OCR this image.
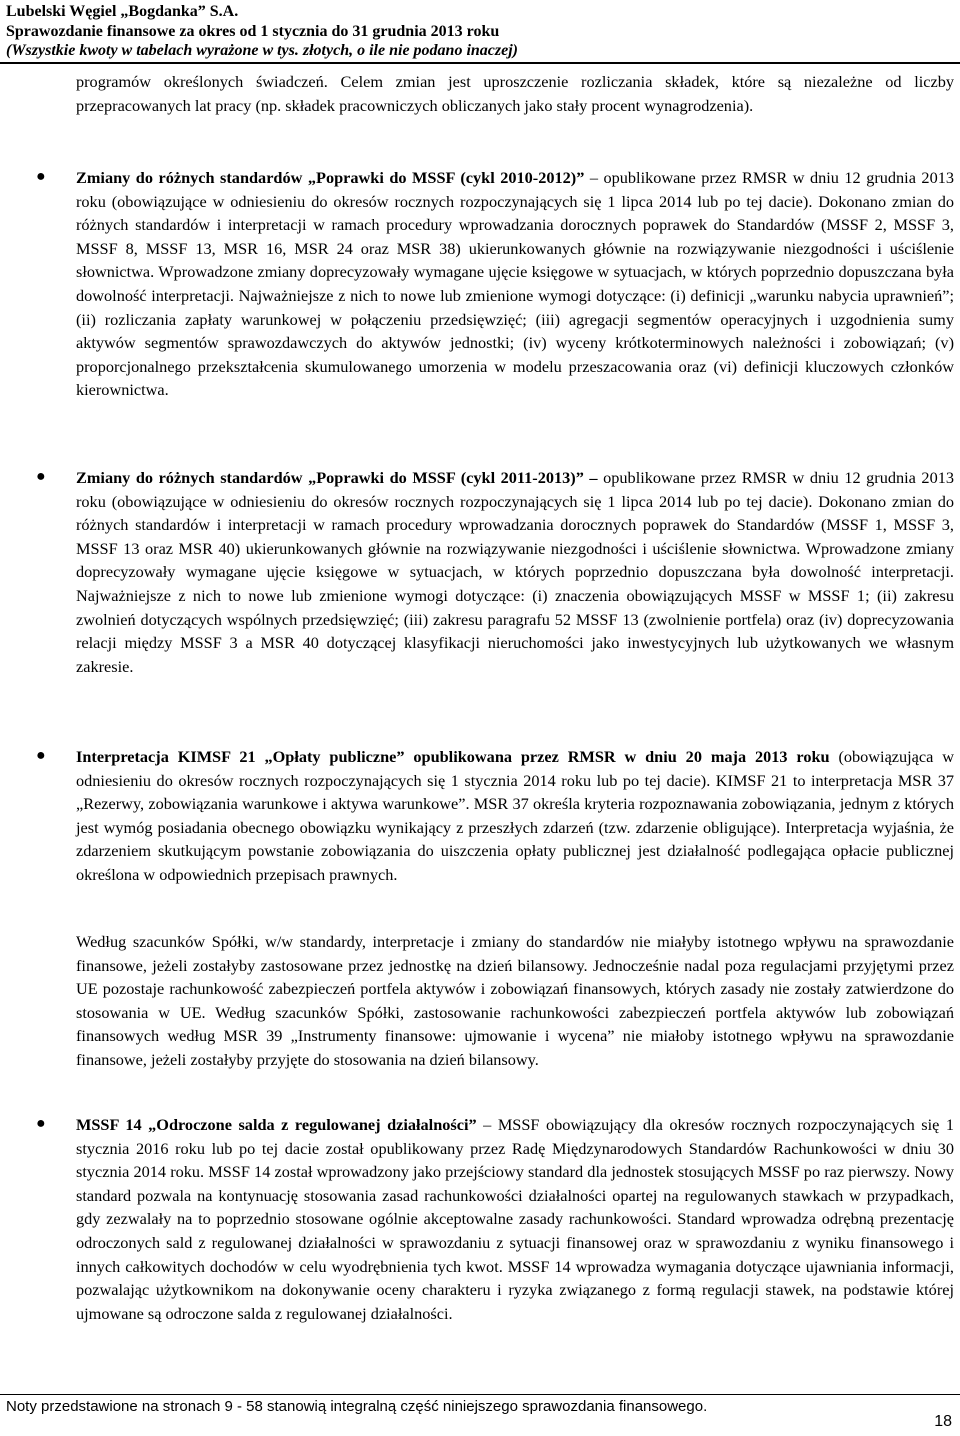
Lubelski Węgiel „Bogdanka” S.A.
Sprawozdanie finansowe za okres od 1 stycznia do 31 grudnia 2013 roku
(Wszystkie kwoty w tabelach wyrażone w tys. złotych, o ile nie podano inaczej)
programów określonych świadczeń. Celem zmian jest uproszczenie rozliczania składek, które są niezależne od liczby przepracowanych lat pracy (np. składek pracowniczych obliczanych jako stały procent wynagrodzenia).
● Zmiany do różnych standardów „Poprawki do MSSF (cykl 2010-2012)” – opublikowane przez RMSR w dniu 12 grudnia 2013 roku (obowiązujące w odniesieniu do okresów rocznych rozpoczynających się 1 lipca 2014 lub po tej dacie). Dokonano zmian do różnych standardów i interpretacji w ramach procedury wprowadzania dorocznych poprawek do Standardów (MSSF 2, MSSF 3, MSSF 8, MSSF 13, MSR 16, MSR 24 oraz MSR 38) ukierunkowanych głównie na rozwiązywanie niezgodności i uściślenie słownictwa. Wprowadzone zmiany doprecyzowały wymagane ujęcie księgowe w sytuacjach, w których poprzednio dopuszczana była dowolność interpretacji. Najważniejsze z nich to nowe lub zmienione wymogi dotyczące: (i) definicji „warunku nabycia uprawnień”; (ii) rozliczania zapłaty warunkowej w połączeniu przedsięwzięć; (iii) agregacji segmentów operacyjnych i uzgodnienia sumy aktywów segmentów sprawozdawczych do aktywów jednostki; (iv) wyceny krótkoterminowych należności i zobowiązań; (v) proporcjonalnego przekształcenia skumulowanego umorzenia w modelu przeszacowania oraz (vi) definicji kluczowych członków kierownictwa.
● Zmiany do różnych standardów „Poprawki do MSSF (cykl 2011-2013)” – opublikowane przez RMSR w dniu 12 grudnia 2013 roku (obowiązujące w odniesieniu do okresów rocznych rozpoczynających się 1 lipca 2014 lub po tej dacie). Dokonano zmian do różnych standardów i interpretacji w ramach procedury wprowadzania dorocznych poprawek do Standardów (MSSF 1, MSSF 3, MSSF 13 oraz MSR 40) ukierunkowanych głównie na rozwiązywanie niezgodności i uściślenie słownictwa. Wprowadzone zmiany doprecyzowały wymagane ujęcie księgowe w sytuacjach, w których poprzednio dopuszczana była dowolność interpretacji. Najważniejsze z nich to nowe lub zmienione wymogi dotyczące: (i) znaczenia obowiązujących MSSF w MSSF 1; (ii) zakresu zwolnień dotyczących wspólnych przedsięwzięć; (iii) zakresu paragrafu 52 MSSF 13 (zwolnienie portfela) oraz (iv) doprecyzowania relacji między MSSF 3 a MSR 40 dotyczącej klasyfikacji nieruchomości jako inwestycyjnych lub użytkowanych we własnym zakresie.
● Interpretacja KIMSF 21 „Opłaty publiczne” opublikowana przez RMSR w dniu 20 maja 2013 roku (obowiązująca w odniesieniu do okresów rocznych rozpoczynających się 1 stycznia 2014 roku lub po tej dacie). KIMSF 21 to interpretacja MSR 37 „Rezerwy, zobowiązania warunkowe i aktywa warunkowe”. MSR 37 określa kryteria rozpoznawania zobowiązania, jednym z których jest wymóg posiadania obecnego obowiązku wynikający z przeszłych zdarzeń (tzw. zdarzenie obligujące). Interpretacja wyjaśnia, że zdarzeniem skutkującym powstanie zobowiązania do uiszczenia opłaty publicznej jest działalność podlegająca opłacie publicznej określona w odpowiednich przepisach prawnych.
Według szacunków Spółki, w/w standardy, interpretacje i zmiany do standardów nie miałyby istotnego wpływu na sprawozdanie finansowe, jeżeli zostałyby zastosowane przez jednostkę na dzień bilansowy. Jednocześnie nadal poza regulacjami przyjętymi przez UE pozostaje rachunkowość zabezpieczeń portfela aktywów i zobowiązań finansowych, których zasady nie zostały zatwierdzone do stosowania w UE. Według szacunków Spółki, zastosowanie rachunkowości zabezpieczeń portfela aktywów lub zobowiązań finansowych według MSR 39 „Instrumenty finansowe: ujmowanie i wycena” nie miałoby istotnego wpływu na sprawozdanie finansowe, jeżeli zostałyby przyjęte do stosowania na dzień bilansowy.
● MSSF 14 „Odroczone salda z regulowanej działalności” – MSSF obowiązujący dla okresów rocznych rozpoczynających się 1 stycznia 2016 roku lub po tej dacie został opublikowany przez Radę Międzynarodowych Standardów Rachunkowości w dniu 30 stycznia 2014 roku. MSSF 14 został wprowadzony jako przejściowy standard dla jednostek stosujących MSSF po raz pierwszy. Nowy standard pozwala na kontynuację stosowania zasad rachunkowości działalności opartej na regulowanych stawkach w przypadkach, gdy zezwalały na to poprzednio stosowane ogólnie akceptowalne zasady rachunkowości. Standard wprowadza odrębną prezentację odroczonych sald z regulowanej działalności w sprawozdaniu z sytuacji finansowej oraz w sprawozdaniu z wyniku finansowego i innych całkowitych dochodów w celu wyodrębnienia tych kwot. MSSF 14 wprowadza wymagania dotyczące ujawniania informacji, pozwalając użytkownikom na dokonywanie oceny charakteru i ryzyka związanego z formą regulacji stawek, na podstawie której ujmowane są odroczone salda z regulowanej działalności.
Noty przedstawione na stronach 9 - 58 stanowią integralną część niniejszego sprawozdania finansowego.
18
